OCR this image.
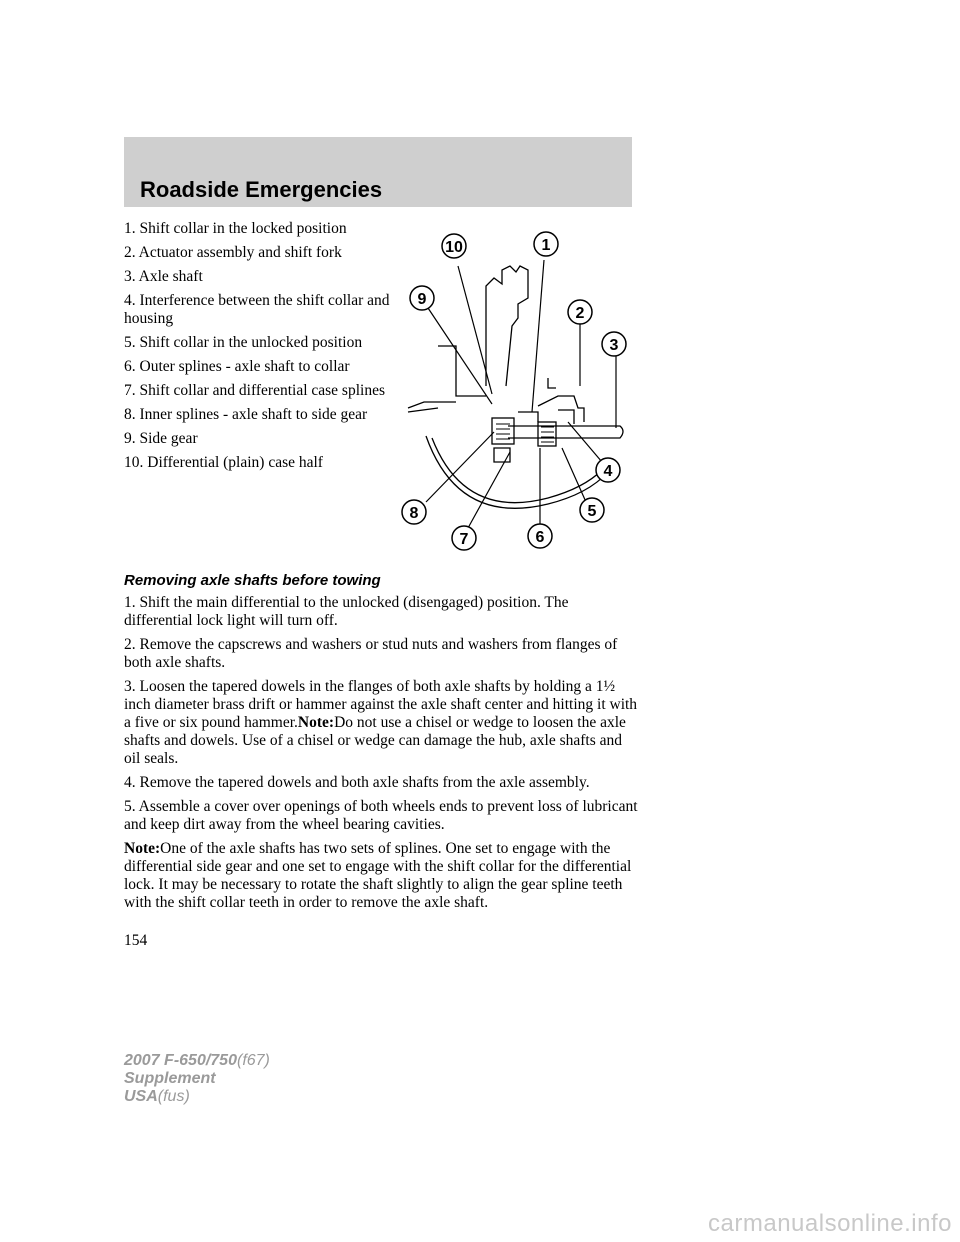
Roadside Emergencies
1. Shift collar in the locked position
2. Actuator assembly and shift fork
3. Axle shaft
4. Interference between the shift collar and housing
5. Shift collar in the unlocked position
6. Outer splines - axle shaft to collar
7. Shift collar and differential case splines
8. Inner splines - axle shaft to side gear
9. Side gear
10. Differential (plain) case half
10	1
9
2
3
4
5
8
7	6
Removing axle shafts before towing

1. Shift the main differential to the unlocked (disengaged) position. The differential lock light will turn off.

2. Remove the capscrews and washers or stud nuts and washers from flanges of both axle shafts.

3. Loosen the tapered dowels in the flanges of both axle shafts by holding a 1½ inch diameter brass drift or hammer against the axle shaft center and hitting it with a five or six pound hammer.Note:Do not use a chisel or wedge to loosen the axle shafts and dowels. Use of a chisel or wedge can damage the hub, axle shafts and oil seals.

4. Remove the tapered dowels and both axle shafts from the axle assembly.

5. Assemble a cover over openings of both wheels ends to prevent loss of lubricant and keep dirt away from the wheel bearing cavities.

Note:One of the axle shafts has two sets of splines. One set to engage with the differential side gear and one set to engage with the shift collar for the differential lock. It may be necessary to rotate the shaft slightly to align the gear spline teeth with the shift collar teeth in order to remove the axle shaft.

154
2007 F-650/750(f67)
Supplement
USA(fus)
carmanualsonline.info
